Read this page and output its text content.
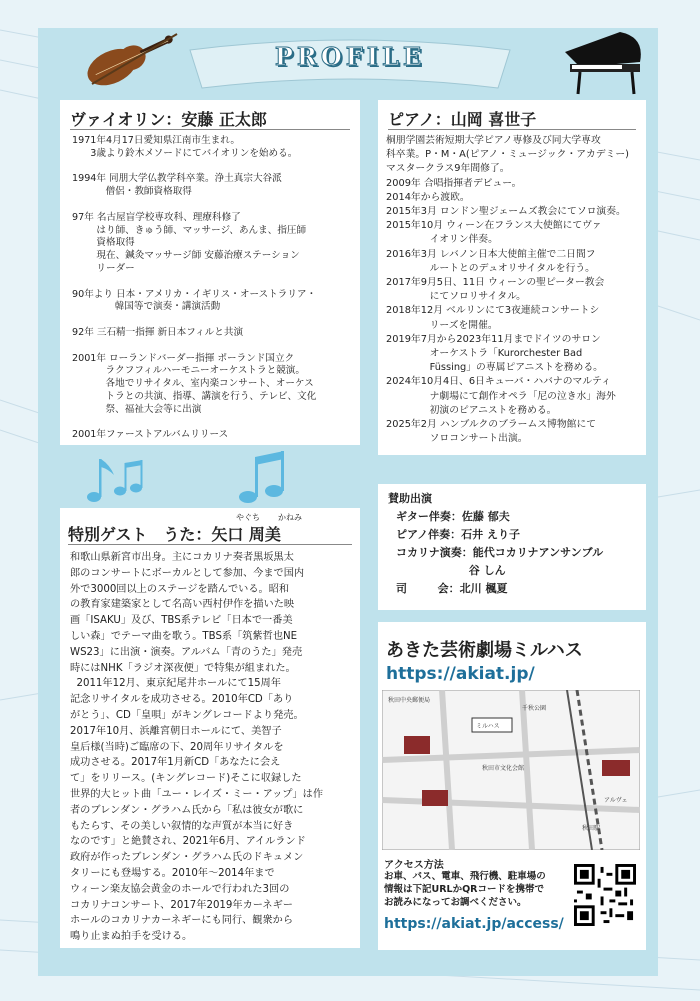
PROFILE
ヴァイオリン：安藤 正太郎
1971年4月17日愛知県江南市生まれ。
3歳より鈴木メソードにてバイオリンを始める。
1994年 同朋大学仏教学科卒業。浄土真宗大谷派
僧侶・教師資格取得
97年 名古屋盲学校専攻科、理療科修了
はり師、きゅう師、マッサージ、あんま、指圧師
資格取得
現在、鍼灸マッサージ師 安藤治療ステーション
リーダー
90年より 日本・アメリカ・イギリス・オーストラリア・
韓国等で演奏・講演活動
92年 三石精一指揮 新日本フィルと共演
2001年 ローランドバーダー指揮 ポーランド国立ク
ラクフフィルハーモニーオーケストラと競演。
各地でリサイタル、室内楽コンサート、オーケス
トラとの共演、指導、講演を行う、テレビ、文化
祭、福祉大会等に出演
2001年ファーストアルバムリリース
ピアノ：山岡 喜世子
桐朋学園芸術短期大学ピアノ専修及び同大学専攻
科卒業。P・M・A(ピアノ・ミュージック・アカデミー)
マスタークラス9年間修了。
2009年 合唱指揮者デビュー。
2014年から渡欧。
2015年3月 ロンドン聖ジェームズ教会にてソロ演奏。
2015年10月 ウィーン在フランス大使館にてヴァ
イオリン伴奏。
2016年3月 レバノン日本大使館主催で二日間フ
ルートとのデュオリサイタルを行う。
2017年9月5日、11日 ウィーンの聖ピーター教会
にてソロリサイタル。
2018年12月 ベルリンにて3夜連続コンサートシ
リーズを開催。
2019年7月から2023年11月までドイツのサロン
オーケストラ「Kurorchester Bad
Füssing」の専属ピアニストを務める。
2024年10月4日、6日キューバ・ハバナのマルティ
ナ劇場にて創作オペラ「尼の泣き水」海外
初演のピアニストを務める。
2025年2月 ハンブルクのブラームス博物館にて
ソロコンサート出演。
やぐち かねみ
特別ゲスト　うた：矢口 周美
和歌山県新宮市出身。主にコカリナ奏者黒坂黒太
郎のコンサートにボーカルとして参加、今まで国内
外で3000回以上のステージを踏んでいる。昭和
の教育家建築家として名高い西村伊作を描いた映
画「ISAKU」及び、TBS系テレビ「日本で一番美
しい森」でテーマ曲を歌う。TBS系「筑紫哲也NE
WS23」に出演・演奏。アルバム「青のうた」発売
時にはNHK「ラジオ深夜便」で特集が組まれた。
2011年12月、東京紀尾井ホールにて15周年
記念リサイタルを成功させる。2010年CD「あり
がとう」、CD「皇唄」がキングレコードより発売。
2017年10月、浜離宮朝日ホールにて、美智子
皇后様(当時)ご臨席の下、20周年リサイタルを
成功させる。2017年1月新CD「あなたに会え
て」をリリース。(キングレコード)そこに収録した
世界的大ヒット曲「ユー・レイズ・ミー・アップ」は作
者のブレンダン・グラハム氏から「私は彼女が歌に
もたらす、その美しい叙情的な声質が本当に好き
なのです」と絶賛され、2021年6月、アイルランド
政府が作ったブレンダン・グラハム氏のドキュメン
タリーにも登場する。2010年〜2014年まで
ウィーン楽友協会黄金のホールで行われた3回の
コカリナコンサート、2017年2019年カーネギー
ホールのコカリナカーネギーにも同行、観衆から
鳴り止まぬ拍手を受ける。
賛助出演
ギター伴奏：佐藤 郁夫
ピアノ伴奏：石井 えり子
コカリナ演奏：能代コカリナアンサンブル
谷 しん
司        会：北川 楓夏
あきた芸術劇場ミルハス
https://akiat.jp/
秋田中央郵便局
ミルハス
秋田駅
アルヴェ
千秋公園
秋田市文化会館
アクセス方法
お車、バス、電車、飛行機、駐車場の
情報は下記URLかQRコードを携帯で
お読みになってお調べください。
https://akiat.jp/access/
